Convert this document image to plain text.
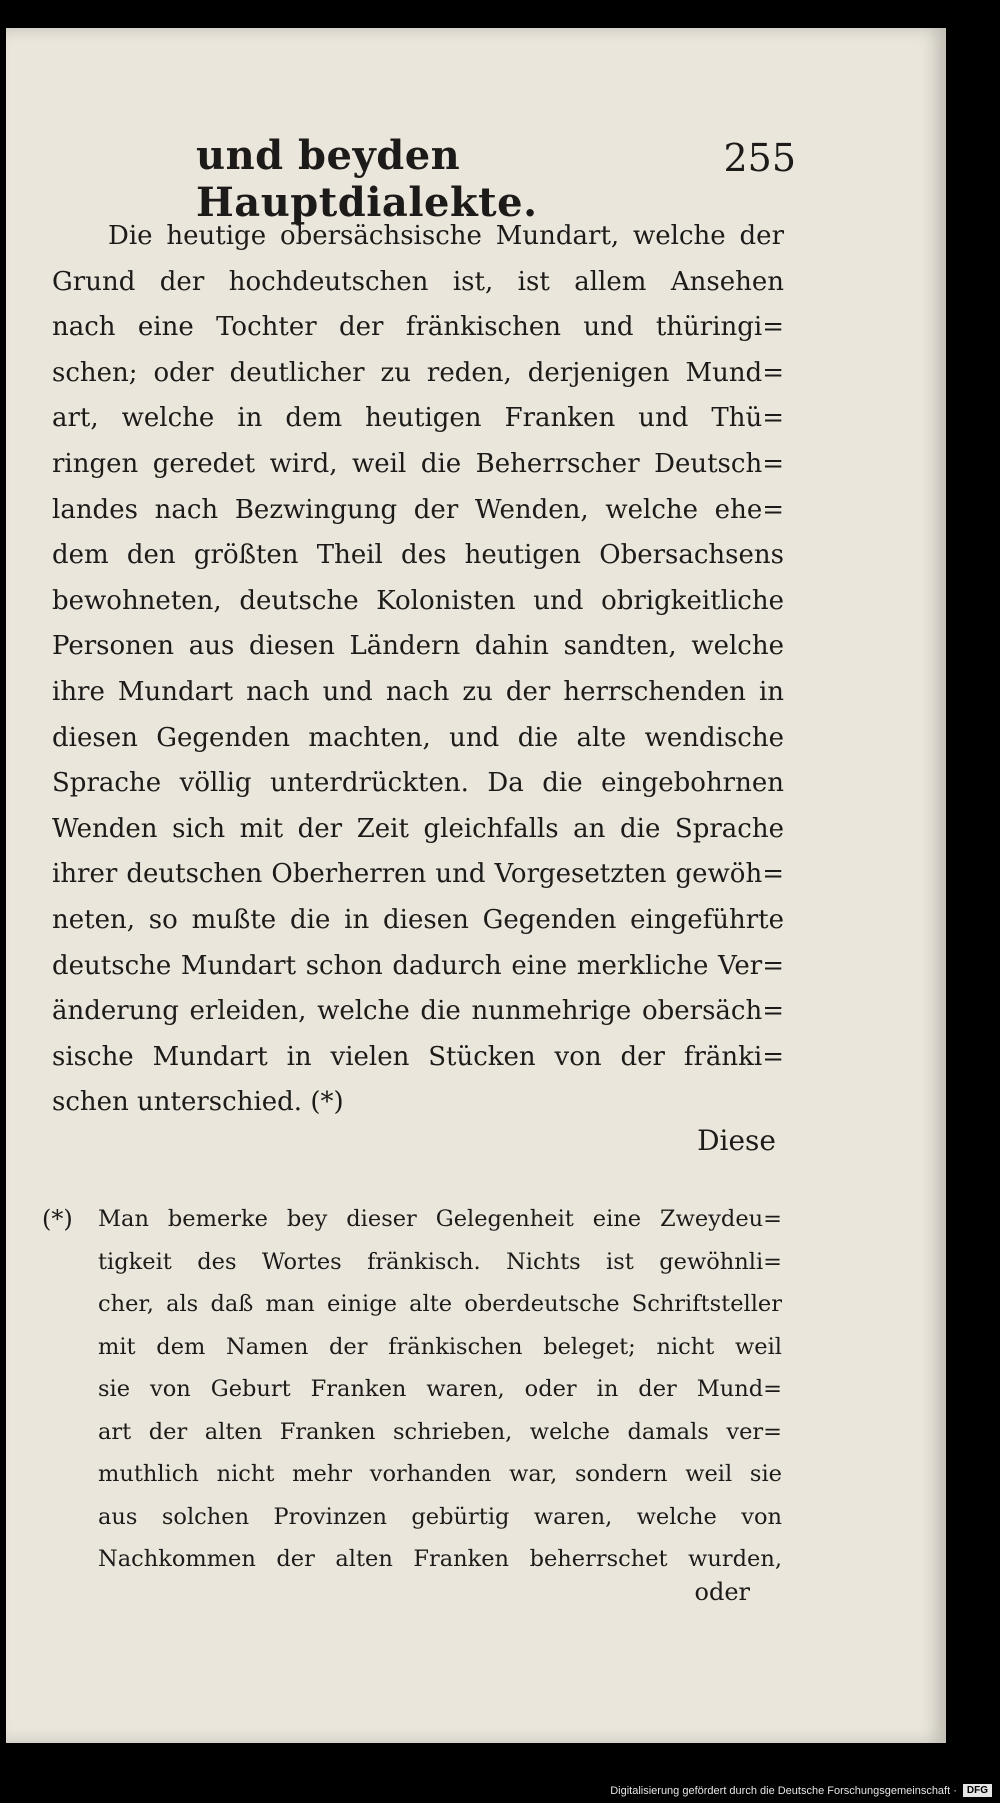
und beyden Hauptdialekte.
255
Die heutige obersächsische Mundart, welche der
Grund der hochdeutschen ist, ist allem Ansehen
nach eine Tochter der fränkischen und thüringi=
schen; oder deutlicher zu reden, derjenigen Mund=
art, welche in dem heutigen Franken und Thü=
ringen geredet wird, weil die Beherrscher Deutsch=
landes nach Bezwingung der Wenden, welche ehe=
dem den größten Theil des heutigen Obersachsens
bewohneten, deutsche Kolonisten und obrigkeitliche
Personen aus diesen Ländern dahin sandten, welche
ihre Mundart nach und nach zu der herrschenden in
diesen Gegenden machten, und die alte wendische
Sprache völlig unterdrückten. Da die eingebohrnen
Wenden sich mit der Zeit gleichfalls an die Sprache
ihrer deutschen Oberherren und Vorgesetzten gewöh=
neten, so mußte die in diesen Gegenden eingeführte
deutsche Mundart schon dadurch eine merkliche Ver=
änderung erleiden, welche die nunmehrige obersäch=
sische Mundart in vielen Stücken von der fränki=
schen unterschied. (*)
Diese
(*)	Man bemerke bey dieser Gelegenheit eine Zweydeu=
tigkeit des Wortes fränkisch. Nichts ist gewöhnli=
cher, als daß man einige alte oberdeutsche Schriftsteller
mit dem Namen der fränkischen beleget; nicht weil
sie von Geburt Franken waren, oder in der Mund=
art der alten Franken schrieben, welche damals ver=
muthlich nicht mehr vorhanden war, sondern weil sie
aus solchen Provinzen gebürtig waren, welche von
Nachkommen der alten Franken beherrschet wurden,
oder
Digitalisierung gefördert durch die Deutsche Forschungsgemeinschaft ·	DFG
